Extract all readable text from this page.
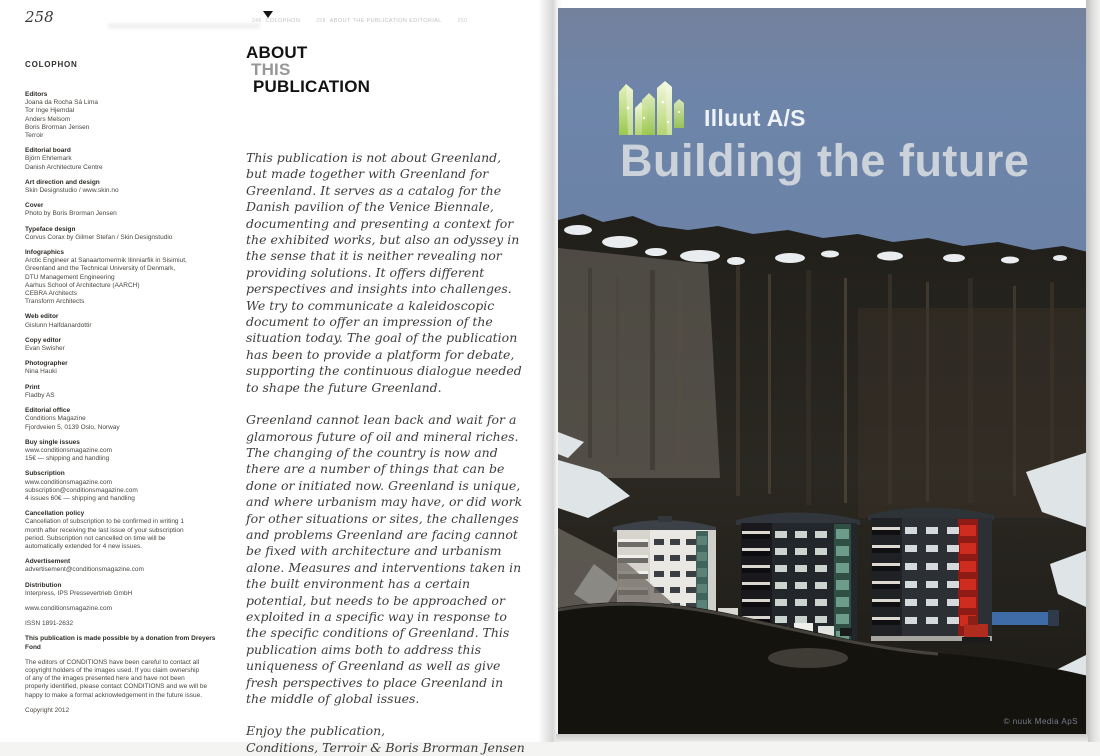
258	246 COLOPHON	258 ABOUT THE PUBLICATION EDITORIAL	250
COLOPHON
Editors
Joana da Rocha Sá Lima
Tor Inge Hjemdal
Anders Melsom
Boris Brorman Jensen
Terroir
Editorial board
Björn Ehrlemark
Danish Architecture Centre
Art direction and design
Skin Designstudio / www.skin.no
Cover
Photo by Boris Brorman Jensen
Typeface design
Corvus Corax by Gilmer Stefan / Skin Designstudio
Infographics
Arctic Engineer at Sanaartornermik Ilinniarfik in Sisimiut,
Greenland and the Technical University of Denmark,
DTU Management Engineering
Aarhus School of Architecture (AARCH)
CEBRA Architects
Transform Architects
Web editor
Gislunn Halfdanardottir
Copy editor
Evan Swisher
Photographer
Nina Hauki
Print
Fladby AS
Editorial office
Conditions Magazine
Fjordveien 5, 0139 Oslo, Norway
Buy single issues
www.conditionsmagazine.com
15€ — shipping and handling
Subscription
www.conditionsmagazine.com
subscription@conditionsmagazine.com
4 issues 60€ — shipping and handling
Cancellation policy
Cancellation of subscription to be confirmed in writing 1
month after receiving the last issue of your subscription
period. Subscription not cancelled on time will be
automatically extended for 4 new issues.
Advertisement
advertisement@conditionsmagazine.com
Distribution
Interpress, IPS Pressevertrieb GmbH
www.conditionsmagazine.com
ISSN 1891-2632
This publication is made possible by a donation from Dreyers Fond
The editors of CONDITIONS have been careful to contact all
copyright holders of the images used. If you claim ownership
of any of the images presented here and have not been
properly identified, please contact CONDITIONS and we will be
happy to make a formal acknowledgement in the future issue.
Copyright 2012
ABOUT
THIS
PUBLICATION

This publication is not about Greenland, but made together with Greenland for Greenland. It serves as a catalog for the Danish pavilion of the Venice Biennale, documenting and presenting a context for the exhibited works, but also an odyssey in the sense that it is neither revealing nor providing solutions. It offers different perspectives and insights into challenges. We try to communicate a kaleidoscopic document to offer an impression of the situation today. The goal of the publication has been to provide a platform for debate, supporting the continuous dialogue needed to shape the future Greenland.

Greenland cannot lean back and wait for a glamorous future of oil and mineral riches. The changing of the country is now and there are a number of things that can be done or initiated now. Greenland is unique, and where urbanism may have, or did work for other situations or sites, the challenges and problems Greenland are facing cannot be fixed with architecture and urbanism alone. Measures and interventions taken in the built environment has a certain potential, but needs to be approached or exploited in a specific way in response to the specific conditions of Greenland. This publication aims both to address this uniqueness of Greenland as well as give fresh perspectives to place Greenland in the middle of global issues.

Enjoy the publication,
Conditions, Terroir & Boris Brorman Jensen
Illuut A/S
Building the future
© nuuk Media ApS
